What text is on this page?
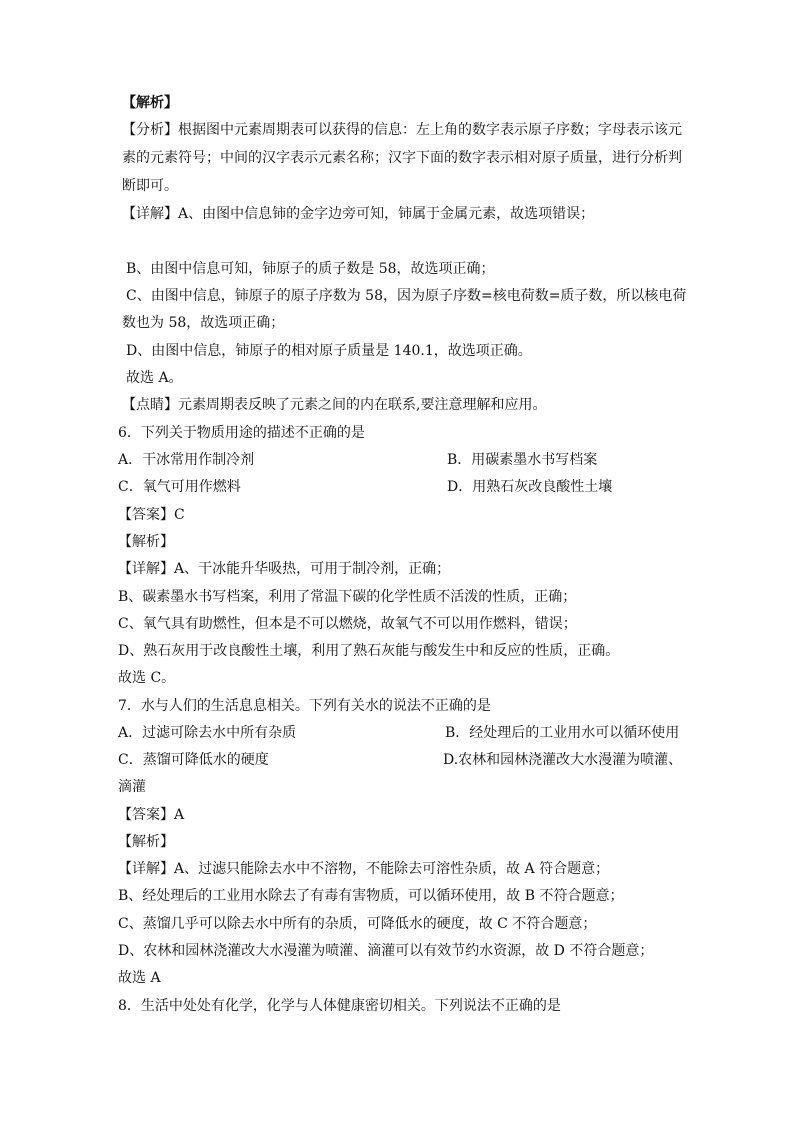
【解析】
【分析】根据图中元素周期表可以获得的信息：左上角的数字表示原子序数；字母表示该元
素的元素符号；中间的汉字表示元素名称；汉字下面的数字表示相对原子质量，进行分析判
断即可。
【详解】A、由图中信息铈的金字边旁可知，铈属于金属元素，故选项错误；
B、由图中信息可知，铈原子的质子数是 58，故选项正确；
C、由图中信息，铈原子的原子序数为 58，因为原子序数=核电荷数=质子数，所以核电荷
数也为 58，故选项正确；
D、由图中信息，铈原子的相对原子质量是 140.1，故选项正确。
故选 A。
【点睛】元素周期表反映了元素之间的内在联系,要注意理解和应用。
6．下列关于物质用途的描述不正确的是
A．干冰常用作制冷剂	B．用碳素墨水书写档案
C．氧气可用作燃料	D．用熟石灰改良酸性土壤
【答案】C
【解析】
【详解】A、干冰能升华吸热，可用于制冷剂，正确；
B、碳素墨水书写档案，利用了常温下碳的化学性质不活泼的性质，正确；
C、氧气具有助燃性，但本是不可以燃烧，故氧气不可以用作燃料，错误；
D、熟石灰用于改良酸性土壤，利用了熟石灰能与酸发生中和反应的性质，正确。
故选 C。
7．水与人们的生活息息相关。下列有关水的说法不正确的是
A．过滤可除去水中所有杂质	B．经处理后的工业用水可以循环使用
C．蒸馏可降低水的硬度	D.农林和园林浇灌改大水漫灌为喷灌、
滴灌
【答案】A
【解析】
【详解】A、过滤只能除去水中不溶物，不能除去可溶性杂质，故 A 符合题意；
B、经处理后的工业用水除去了有毒有害物质，可以循环使用，故 B 不符合题意；
C、蒸馏几乎可以除去水中所有的杂质，可降低水的硬度，故 C 不符合题意；
D、农林和园林浇灌改大水漫灌为喷灌、滴灌可以有效节约水资源，故 D 不符合题意；
故选 A
8．生活中处处有化学，化学与人体健康密切相关。下列说法不正确的是
